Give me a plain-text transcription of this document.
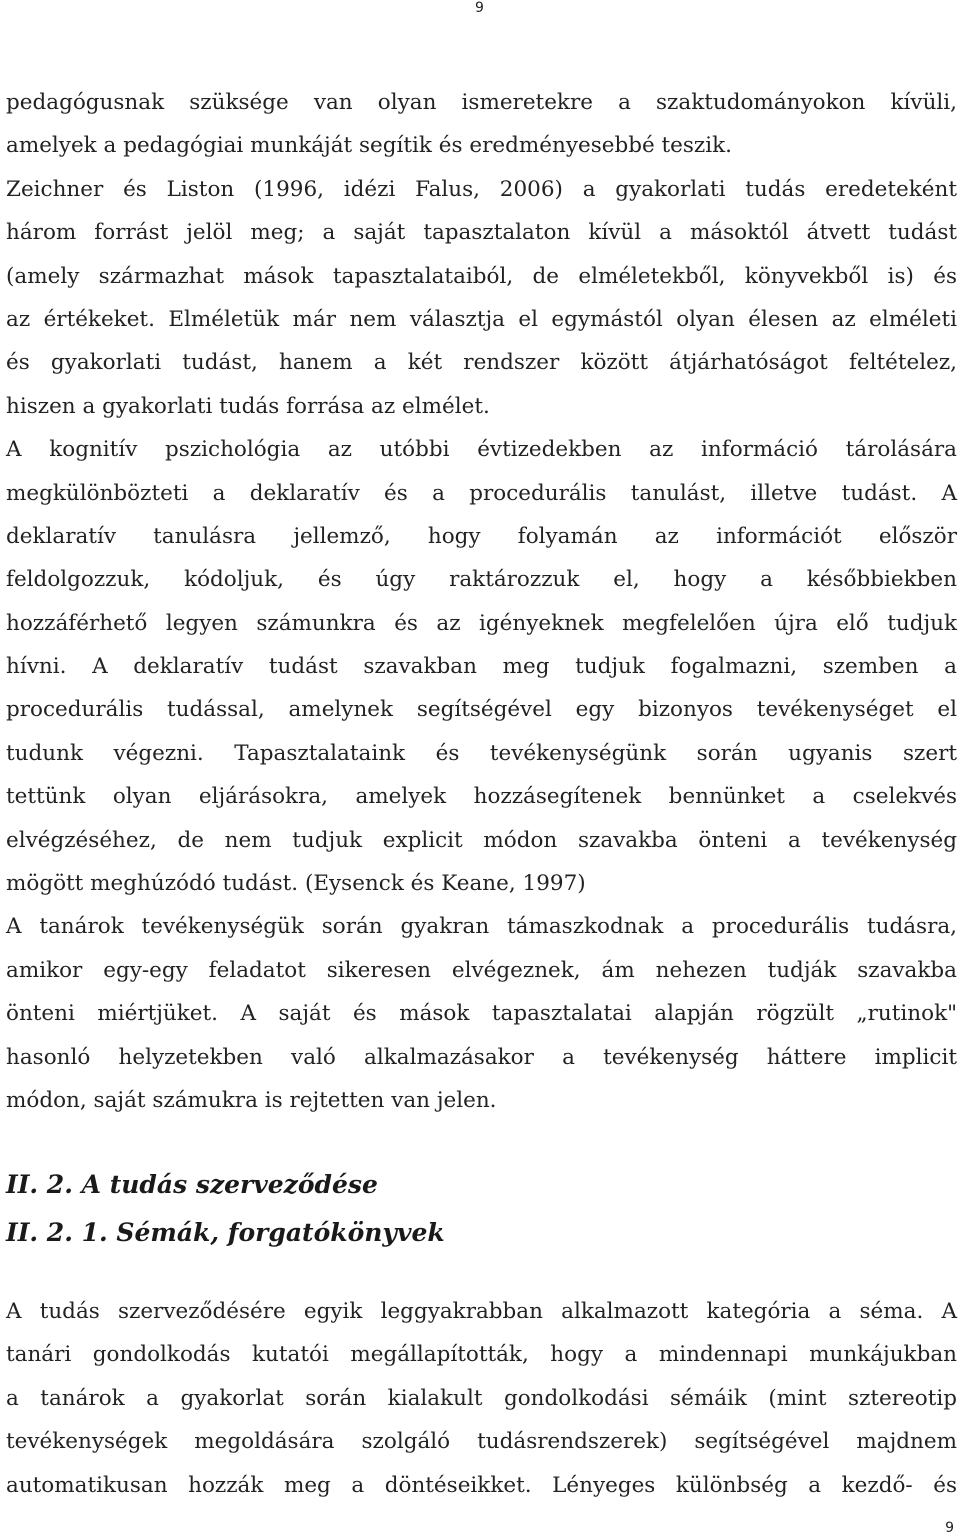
9
pedagógusnak szüksége van olyan ismeretekre a szaktudományokon kívüli,
amelyek a pedagógiai munkáját segítik és eredményesebbé teszik.
Zeichner és Liston (1996, idézi Falus, 2006) a gyakorlati tudás eredeteként
három forrást jelöl meg; a saját tapasztalaton kívül a másoktól átvett tudást
(amely származhat mások tapasztalataiból, de elméletekből, könyvekből is) és
az értékeket. Elméletük már nem választja el egymástól olyan élesen az elméleti
és gyakorlati tudást, hanem a két rendszer között átjárhatóságot feltételez,
hiszen a gyakorlati tudás forrása az elmélet.
A kognitív pszichológia az utóbbi évtizedekben az információ tárolására
megkülönbözteti a deklaratív és a procedurális tanulást, illetve tudást. A
deklaratív tanulásra jellemző, hogy folyamán az információt először
feldolgozzuk, kódoljuk, és úgy raktározzuk el, hogy a későbbiekben
hozzáférhető legyen számunkra és az igényeknek megfelelően újra elő tudjuk
hívni. A deklaratív tudást szavakban meg tudjuk fogalmazni, szemben a
procedurális tudással, amelynek segítségével egy bizonyos tevékenységet el
tudunk végezni. Tapasztalataink és tevékenységünk során ugyanis szert
tettünk olyan eljárásokra, amelyek hozzásegítenek bennünket a cselekvés
elvégzéséhez, de nem tudjuk explicit módon szavakba önteni a tevékenység
mögött meghúzódó tudást. (Eysenck és Keane, 1997)
A tanárok tevékenységük során gyakran támaszkodnak a procedurális tudásra,
amikor egy-egy feladatot sikeresen elvégeznek, ám nehezen tudják szavakba
önteni miértjüket. A saját és mások tapasztalatai alapján rögzült „rutinok"
hasonló helyzetekben való alkalmazásakor a tevékenység háttere implicit
módon, saját számukra is rejtetten van jelen.
II. 2. A tudás szerveződése
II. 2. 1. Sémák, forgatókönyvek
A tudás szerveződésére egyik leggyakrabban alkalmazott kategória a séma. A
tanári gondolkodás kutatói megállapították, hogy a mindennapi munkájukban
a tanárok a gyakorlat során kialakult gondolkodási sémáik (mint sztereotip
tevékenységek megoldására szolgáló tudásrendszerek) segítségével majdnem
automatikusan hozzák meg a döntéseikket. Lényeges különbség a kezdő- és
9
